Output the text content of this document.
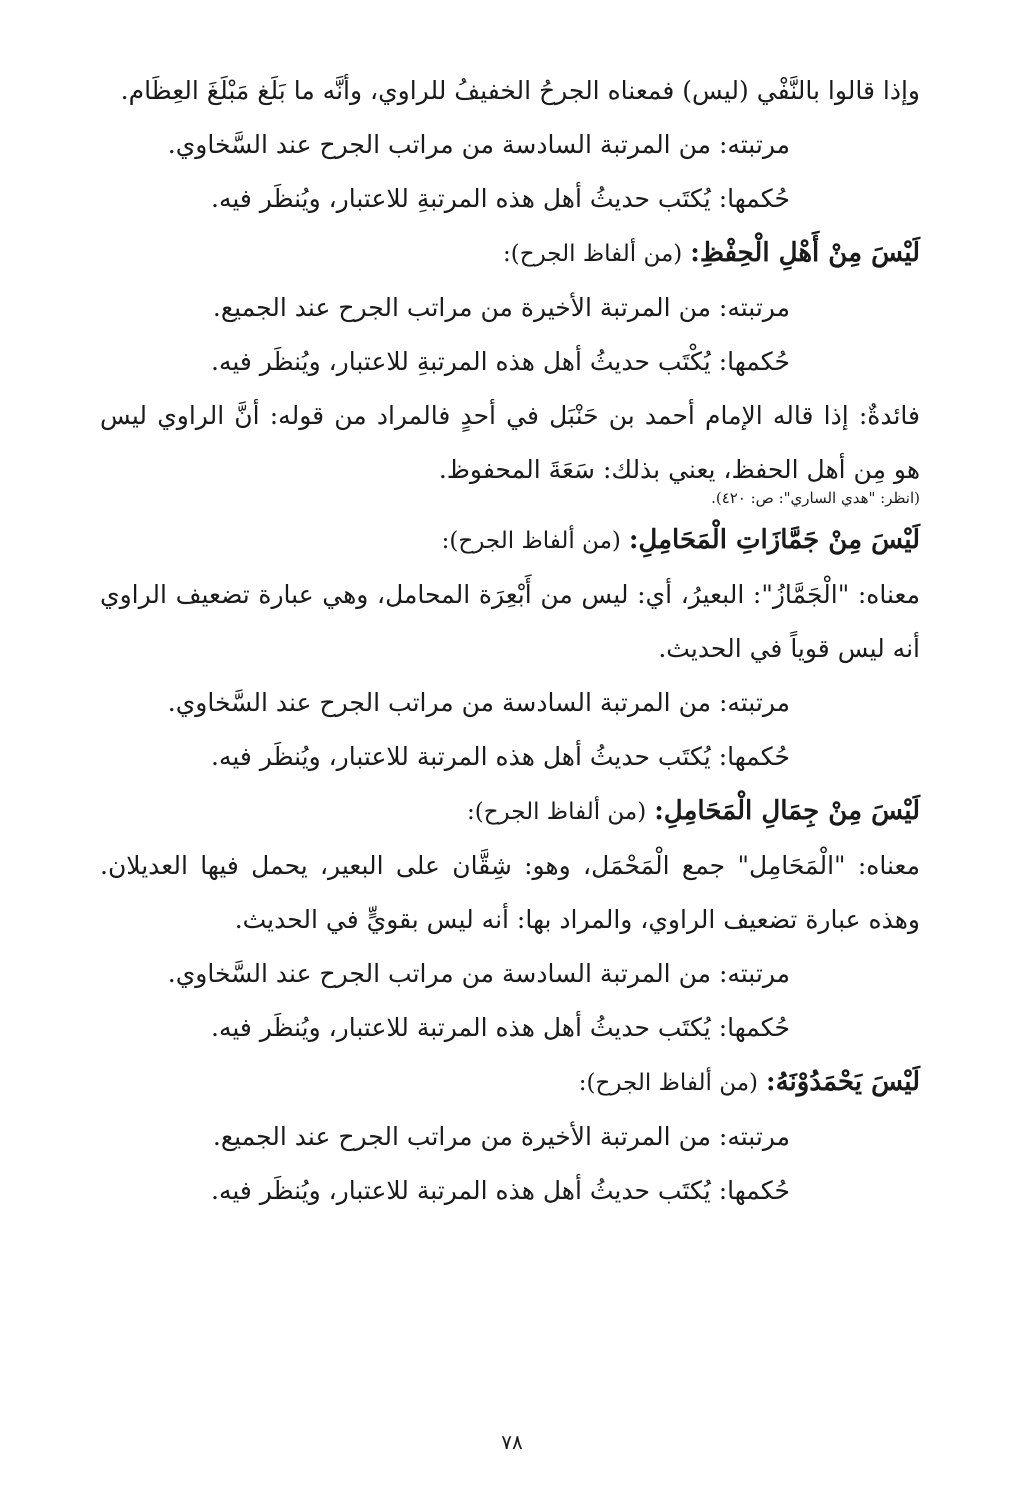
وإذا قالوا بالنَّفْي (ليس) فمعناه الجرحُ الخفيفُ للراوي، وأنَّه ما بَلَغ مَبْلَغَ العِظَام.

مرتبته: من المرتبة السادسة من مراتب الجرح عند السَّخاوي.

حُكمها: يُكتَب حديثُ أهل هذه المرتبةِ للاعتبار، ويُنظَر فيه.

لَيْسَ مِنْ أَهْلِ الْحِفْظِ: (من ألفاظ الجرح):

مرتبته: من المرتبة الأخيرة من مراتب الجرح عند الجميع.

حُكمها: يُكْتَب حديثُ أهل هذه المرتبةِ للاعتبار، ويُنظَر فيه.

فائدةٌ: إذا قاله الإمام أحمد بن حَنْبَل في أحدٍ فالمراد من قوله: أنَّ الراوي ليس هو مِن أهل الحفظ، يعني بذلك: سَعَةَ المحفوظ.

(انظر: "هدي الساري": ص: ٤٢٠).

لَيْسَ مِنْ جَمَّازَاتِ الْمَحَامِلِ: (من ألفاظ الجرح):

معناه: "الْجَمَّازُ": البعيرُ، أي: ليس من أَبْعِرَة المحامل، وهي عبارة تضعيف الراوي أنه ليس قوياً في الحديث.

مرتبته: من المرتبة السادسة من مراتب الجرح عند السَّخاوي.

حُكمها: يُكتَب حديثُ أهل هذه المرتبة للاعتبار، ويُنظَر فيه.

لَيْسَ مِنْ جِمَالِ الْمَحَامِلِ: (من ألفاظ الجرح):

معناه: "الْمَحَامِل" جمع الْمَحْمَل، وهو: شِقَّان على البعير، يحمل فيها العديلان. وهذه عبارة تضعيف الراوي، والمراد بها: أنه ليس بقويٍّ في الحديث.

مرتبته: من المرتبة السادسة من مراتب الجرح عند السَّخاوي.

حُكمها: يُكتَب حديثُ أهل هذه المرتبة للاعتبار، ويُنظَر فيه.

لَيْسَ يَحْمَدُوْنَهُ: (من ألفاظ الجرح):

مرتبته: من المرتبة الأخيرة من مراتب الجرح عند الجميع.

حُكمها: يُكتَب حديثُ أهل هذه المرتبة للاعتبار، ويُنظَر فيه.

٧٨
